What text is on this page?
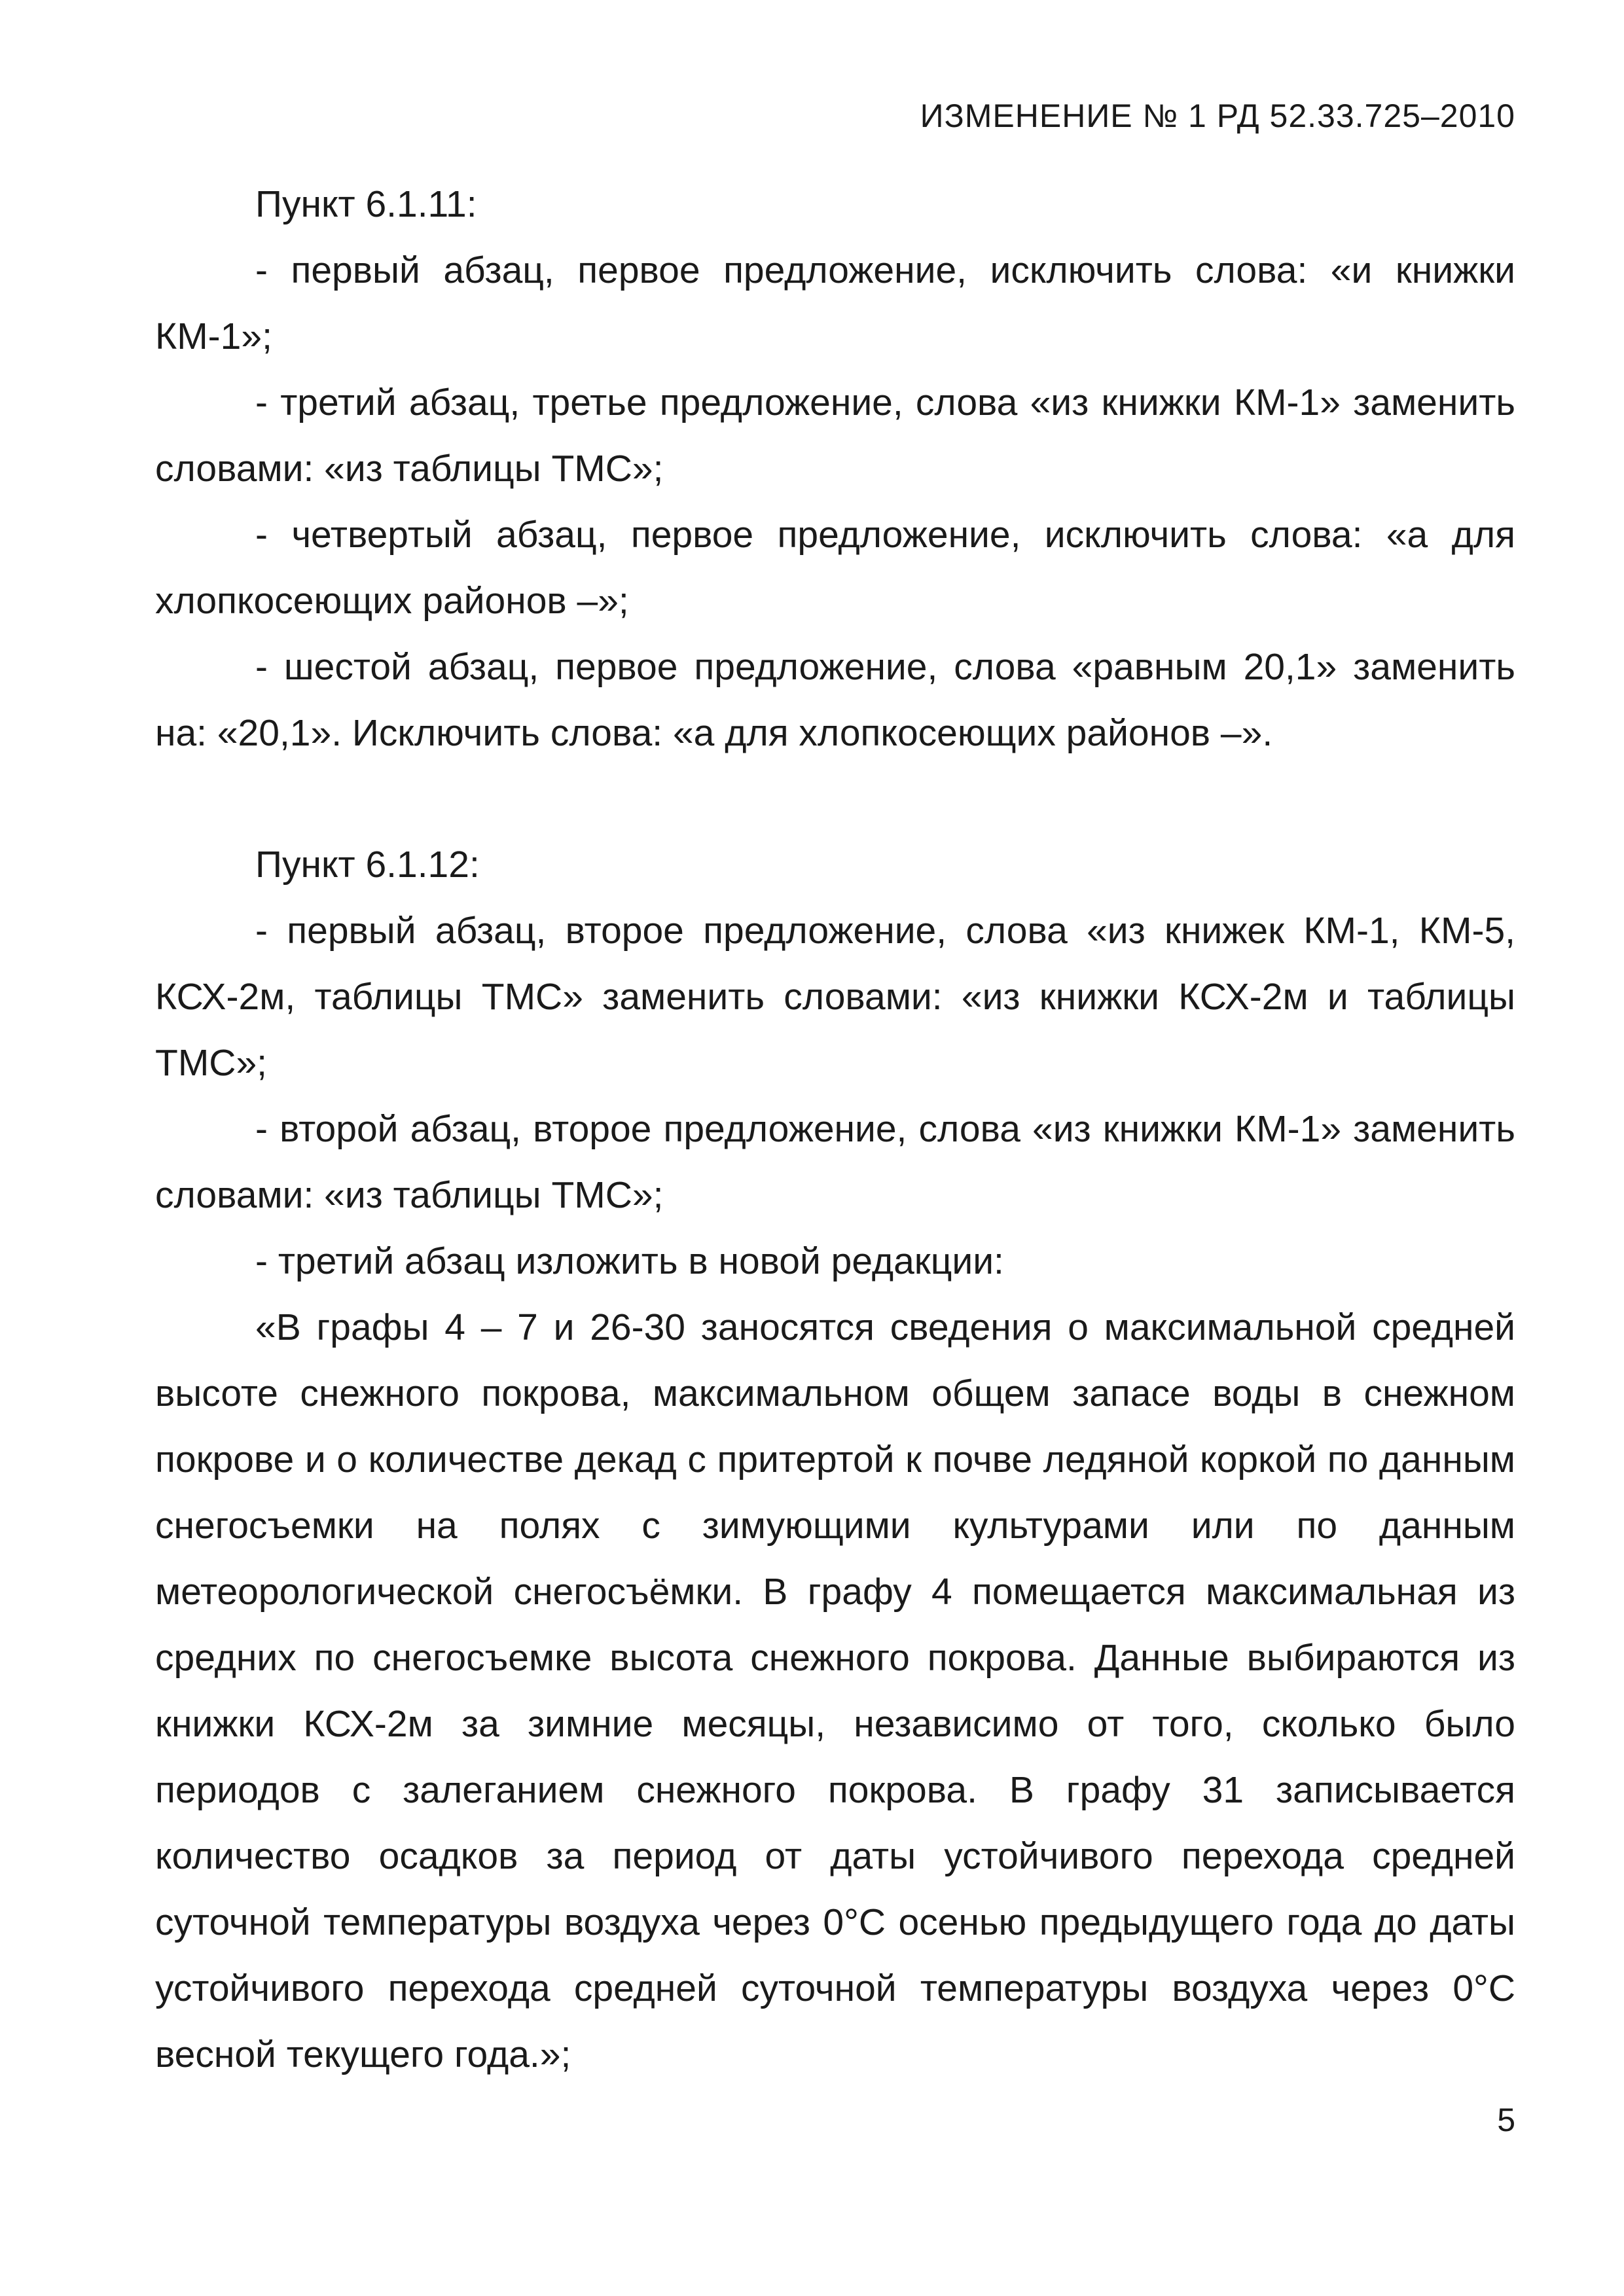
ИЗМЕНЕНИЕ № 1 РД 52.33.725–2010

Пункт 6.1.11:

- первый абзац, первое предложение, исключить слова: «и книжки КМ-1»;

- третий абзац, третье предложение, слова «из книжки КМ-1» заменить словами: «из таблицы ТМС»;

- четвертый абзац, первое предложение, исключить слова: «а для хлопкосеющих районов –»;

- шестой абзац, первое предложение, слова «равным 20,1» заменить на: «20,1». Исключить слова: «а для хлопкосеющих районов –».

Пункт 6.1.12:

- первый абзац, второе предложение, слова «из книжек КМ-1, КМ-5, КСХ-2м, таблицы ТМС» заменить словами: «из книжки КСХ-2м и таблицы ТМС»;

- второй абзац, второе предложение, слова «из книжки КМ-1» заменить словами: «из таблицы ТМС»;

- третий абзац изложить в новой редакции:

«В графы 4 – 7 и 26-30 заносятся сведения о максимальной средней высоте снежного покрова, максимальном общем запасе воды в снежном покрове и о количестве декад с притертой к почве ледяной коркой по данным снегосъемки на полях с зимующими культурами или по данным метеорологической снегосъёмки. В графу 4 помещается максимальная из средних по снегосъемке высота снежного покрова. Данные выбираются из книжки КСХ-2м за зимние месяцы, независимо от того, сколько было периодов с залеганием снежного покрова. В графу 31 записывается количество осадков за период от даты устойчивого перехода средней суточной температуры воздуха через 0°С осенью предыдущего года до даты устойчивого перехода средней суточной температуры воздуха через 0°С весной текущего года.»;

5
